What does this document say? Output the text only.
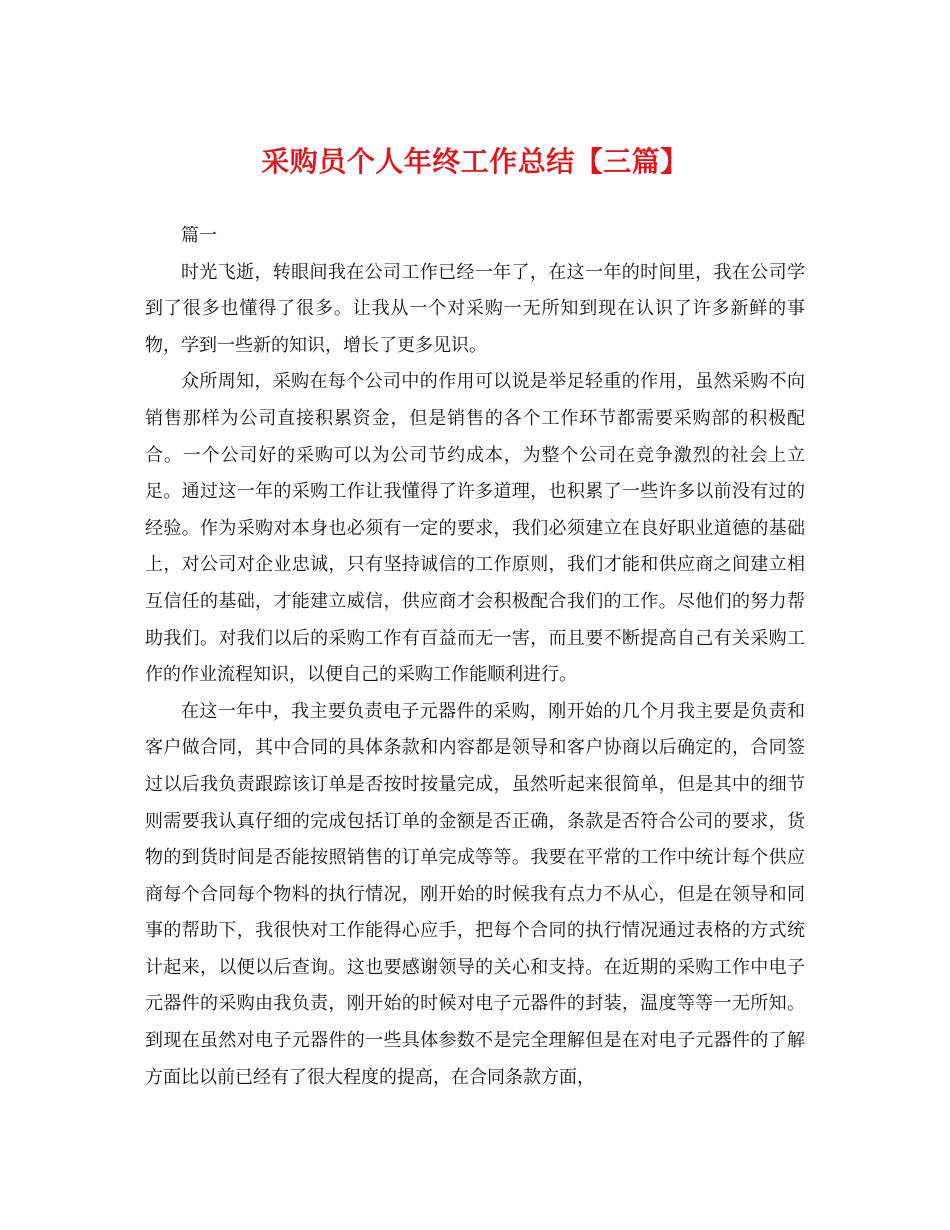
采购员个人年终工作总结【三篇】

篇一

时光飞逝，转眼间我在公司工作已经一年了，在这一年的时间里，我在公司学到了很多也懂得了很多。让我从一个对采购一无所知到现在认识了许多新鲜的事物，学到一些新的知识，增长了更多见识。

众所周知，采购在每个公司中的作用可以说是举足轻重的作用，虽然采购不向销售那样为公司直接积累资金，但是销售的各个工作环节都需要采购部的积极配合。一个公司好的采购可以为公司节约成本，为整个公司在竞争激烈的社会上立足。通过这一年的采购工作让我懂得了许多道理，也积累了一些许多以前没有过的经验。作为采购对本身也必须有一定的要求，我们必须建立在良好职业道德的基础上，对公司对企业忠诚，只有坚持诚信的工作原则，我们才能和供应商之间建立相互信任的基础，才能建立威信，供应商才会积极配合我们的工作。尽他们的努力帮助我们。对我们以后的采购工作有百益而无一害，而且要不断提高自己有关采购工作的作业流程知识，以便自己的采购工作能顺利进行。

在这一年中，我主要负责电子元器件的采购，刚开始的几个月我主要是负责和客户做合同，其中合同的具体条款和内容都是领导和客户协商以后确定的，合同签过以后我负责跟踪该订单是否按时按量完成，虽然听起来很简单，但是其中的细节则需要我认真仔细的完成包括订单的金额是否正确，条款是否符合公司的要求，货物的到货时间是否能按照销售的订单完成等等。我要在平常的工作中统计每个供应商每个合同每个物料的执行情况，刚开始的时候我有点力不从心，但是在领导和同事的帮助下，我很快对工作能得心应手，把每个合同的执行情况通过表格的方式统计起来，以便以后查询。这也要感谢领导的关心和支持。在近期的采购工作中电子元器件的采购由我负责，刚开始的时候对电子元器件的封装，温度等等一无所知。到现在虽然对电子元器件的一些具体参数不是完全理解但是在对电子元器件的了解方面比以前已经有了很大程度的提高，在合同条款方面，
